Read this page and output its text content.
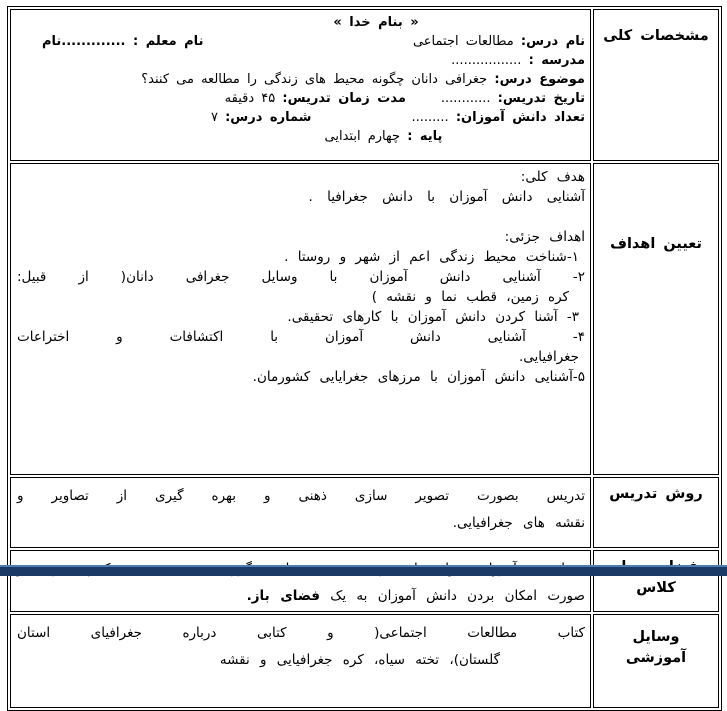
مشخصات کلی	
« بنام خدا »
نام درس: مطالعات اجتماعی
نام معلم : .............نام
مدرسه : .................
موضوع درس: جغرافی دانان چگونه محیط های زندگی را مطالعه می کنند؟
تاریخ تدریس: ............مدت زمان تدریس: ۴۵ دقیقه
تعداد دانش آموزان: .........شماره درس: ۷
پایه : چهارم ابتدایی

تعیین اهداف	
هدف کلی:
آشنایی دانش آموزان با دانش جغرافیا .
اهداف جزئی:
۱-شناخت محیط زندگی اعم از شهر و روستا .
۲- آشنایی دانش آموزان با وسایل جغرافی دانان( از قبیل:
کره زمین، قطب نما و نقشه )
۳- آشنا کردن دانش آموزان با کارهای تحقیقی.
۴- آشنایی دانش آموزان با اکتشافات و اختراعات
جغرافیایی.
۵-آشنایی دانش آموزان با مرزهای جغرایایی کشورمان.

روش تدریس	تدریس بصورت تصویر سازی ذهنی و بهره گیری از تصاویر و
نقشه های جغرافیایی.

کلاس	صورت امکان بردن دانش آموزان به یک فضای باز.

وسایل آموزشی	کتاب مطالعات اجتماعی( و کتابی درباره جغرافیای استان
گلستان)، تخته سیاه، کره جغرافیایی و نقشه
